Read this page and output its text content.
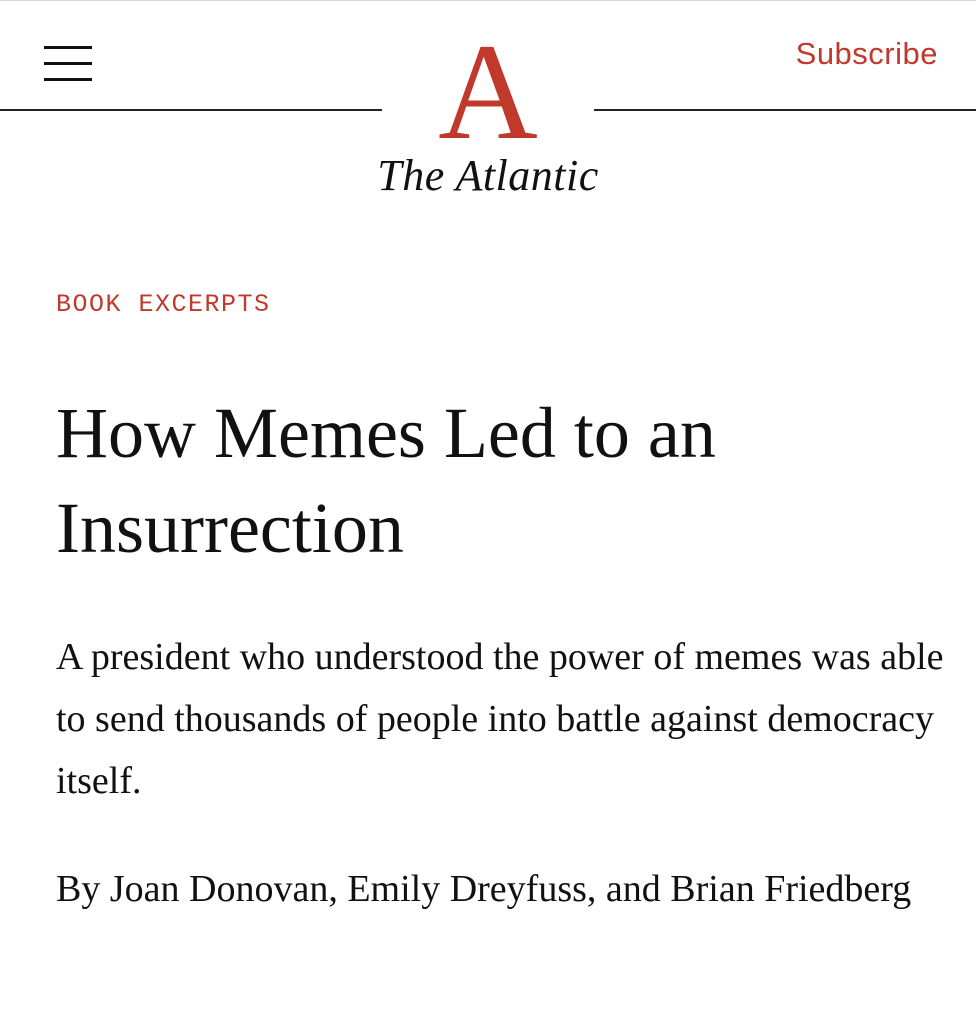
Subscribe
A
The Atlantic
BOOK EXCERPTS
How Memes Led to an Insurrection

A president who understood the power of memes was able to send thousands of people into battle against democracy itself.

By Joan Donovan, Emily Dreyfuss, and Brian Friedberg
